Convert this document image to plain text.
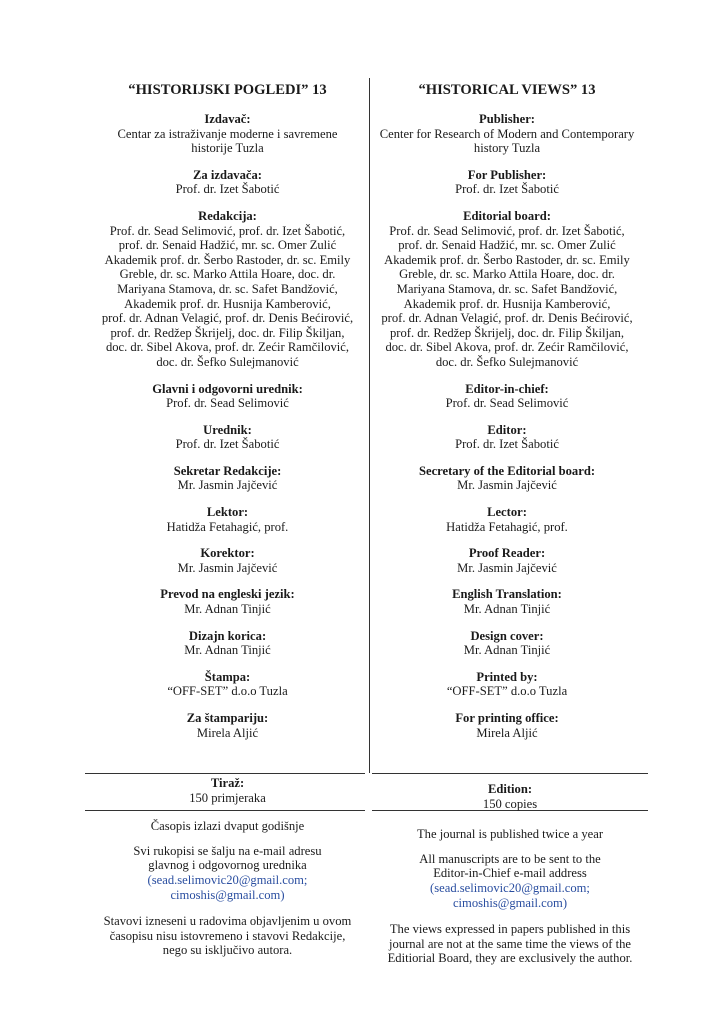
“HISTORIJSKI POGLEDI” 13
Izdavač:
Centar za istraživanje moderne i savremene
historije Tuzla
Za izdavača:
Prof. dr. Izet Šabotić
Redakcija:
Prof. dr. Sead Selimović, prof. dr. Izet Šabotić,
prof. dr. Senaid Hadžić, mr. sc. Omer Zulić
Akademik prof. dr. Šerbo Rastoder, dr. sc. Emily
Greble, dr. sc. Marko Attila Hoare, doc. dr.
Mariyana Stamova, dr. sc. Safet Bandžović,
Akademik prof. dr. Husnija Kamberović,
prof. dr. Adnan Velagić, prof. dr. Denis Bećirović,
prof. dr. Redžep Škrijelj, doc. dr. Filip Škiljan,
doc. dr. Sibel Akova, prof. dr. Zećir Ramčilović,
doc. dr. Šefko Sulejmanović
Glavni i odgovorni urednik:
Prof. dr. Sead Selimović
Urednik:
Prof. dr. Izet Šabotić
Sekretar Redakcije:
Mr. Jasmin Jajčević
Lektor:
Hatidža Fetahagić, prof.
Korektor:
Mr. Jasmin Jajčević
Prevod na engleski jezik:
Mr. Adnan Tinjić
Dizajn korica:
Mr. Adnan Tinjić
Štampa:
“OFF-SET” d.o.o Tuzla
Za štampariju:
Mirela Aljić
“HISTORICAL VIEWS” 13
Publisher:
Center for Research of Modern and Contemporary
history Tuzla
For Publisher:
Prof. dr. Izet Šabotić
Editorial board:
Prof. dr. Sead Selimović, prof. dr. Izet Šabotić,
prof. dr. Senaid Hadžić, mr. sc. Omer Zulić
Akademik prof. dr. Šerbo Rastoder, dr. sc. Emily
Greble, dr. sc. Marko Attila Hoare, doc. dr.
Mariyana Stamova, dr. sc. Safet Bandžović,
Akademik prof. dr. Husnija Kamberović,
prof. dr. Adnan Velagić, prof. dr. Denis Bećirović,
prof. dr. Redžep Škrijelj, doc. dr. Filip Škiljan,
doc. dr. Sibel Akova, prof. dr. Zećir Ramčilović,
doc. dr. Šefko Sulejmanović
Editor-in-chief:
Prof. dr. Sead Selimović
Editor:
Prof. dr. Izet Šabotić
Secretary of the Editorial board:
Mr. Jasmin Jajčević
Lector:
Hatidža Fetahagić, prof.
Proof Reader:
Mr. Jasmin Jajčević
English Translation:
Mr. Adnan Tinjić
Design cover:
Mr. Adnan Tinjić
Printed by:
“OFF-SET” d.o.o Tuzla
For printing office:
Mirela Aljić
Tiraž:
150 primjeraka
Časopis izlazi dvaput godišnje
Svi rukopisi se šalju na e-mail adresu
glavnog i odgovornog urednika
(sead.selimovic20@gmail.com;
cimoshis@gmail.com)
Stavovi izneseni u radovima objavljenim u ovom
časopisu nisu istovremeno i stavovi Redakcije,
nego su isključivo autora.
Edition:
150 copies
The journal is published twice a year
All manuscripts are to be sent to the
Editor-in-Chief e-mail address
(sead.selimovic20@gmail.com;
cimoshis@gmail.com)
The views expressed in papers published in this
journal are not at the same time the views of the
Editiorial Board, they are exclusively the author.
